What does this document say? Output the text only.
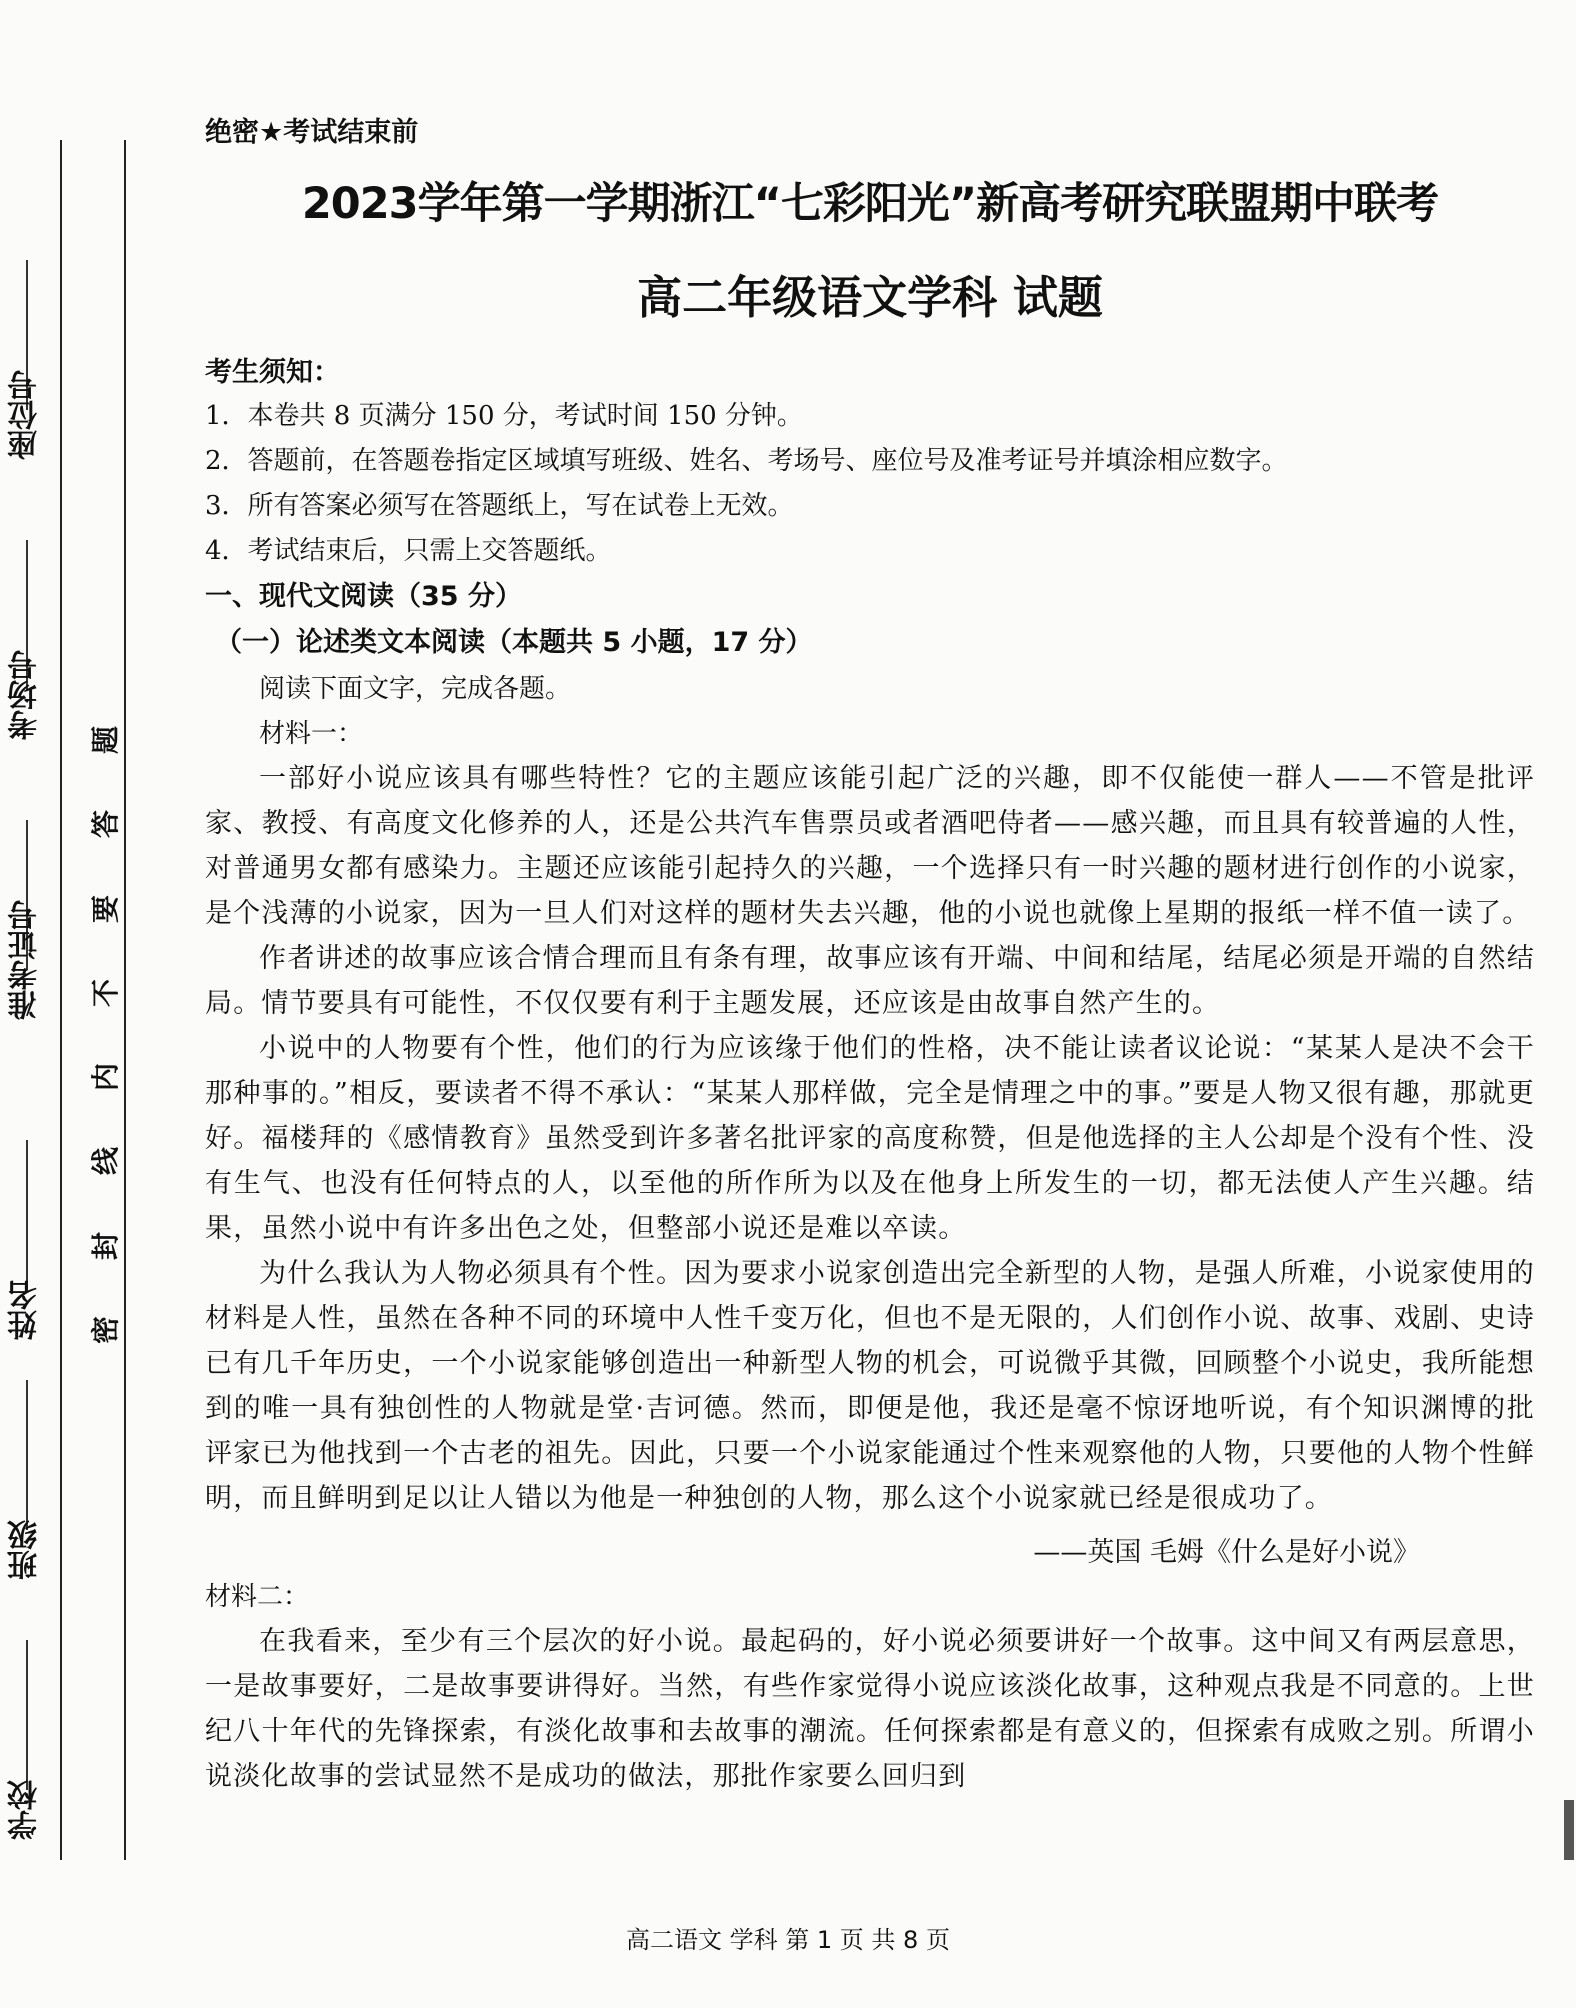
座位号
考场号
准考证号
姓名
班级
学校
题
答
要
不
内
线
封
密

绝密★考试结束前

2023学年第一学期浙江“七彩阳光”新高考研究联盟期中联考
高二年级语文学科 试题

考生须知：

1．本卷共 8 页满分 150 分，考试时间 150 分钟。
2．答题前，在答题卷指定区域填写班级、姓名、考场号、座位号及准考证号并填涂相应数字。
3．所有答案必须写在答题纸上，写在试卷上无效。
4．考试结束后，只需上交答题纸。

一、现代文阅读（35 分）

（一）论述类文本阅读（本题共 5 小题，17 分）

阅读下面文字，完成各题。

材料一：

一部好小说应该具有哪些特性？它的主题应该能引起广泛的兴趣，即不仅能使一群人——不管是批评家、教授、有高度文化修养的人，还是公共汽车售票员或者酒吧侍者——感兴趣，而且具有较普遍的人性，对普通男女都有感染力。主题还应该能引起持久的兴趣，一个选择只有一时兴趣的题材进行创作的小说家，是个浅薄的小说家，因为一旦人们对这样的题材失去兴趣，他的小说也就像上星期的报纸一样不值一读了。

作者讲述的故事应该合情合理而且有条有理，故事应该有开端、中间和结尾，结尾必须是开端的自然结局。情节要具有可能性，不仅仅要有利于主题发展，还应该是由故事自然产生的。

小说中的人物要有个性，他们的行为应该缘于他们的性格，决不能让读者议论说：“某某人是决不会干那种事的。”相反，要读者不得不承认：“某某人那样做，完全是情理之中的事。”要是人物又很有趣，那就更好。福楼拜的《感情教育》虽然受到许多著名批评家的高度称赞，但是他选择的主人公却是个没有个性、没有生气、也没有任何特点的人，以至他的所作所为以及在他身上所发生的一切，都无法使人产生兴趣。结果，虽然小说中有许多出色之处，但整部小说还是难以卒读。

为什么我认为人物必须具有个性。因为要求小说家创造出完全新型的人物，是强人所难，小说家使用的材料是人性，虽然在各种不同的环境中人性千变万化，但也不是无限的，人们创作小说、故事、戏剧、史诗已有几千年历史，一个小说家能够创造出一种新型人物的机会，可说微乎其微，回顾整个小说史，我所能想到的唯一具有独创性的人物就是堂·吉诃德。然而，即便是他，我还是毫不惊讶地听说，有个知识渊博的批评家已为他找到一个古老的祖先。因此，只要一个小说家能通过个性来观察他的人物，只要他的人物个性鲜明，而且鲜明到足以让人错以为他是一种独创的人物，那么这个小说家就已经是很成功了。

——英国 毛姆《什么是好小说》

材料二：

在我看来，至少有三个层次的好小说。最起码的，好小说必须要讲好一个故事。这中间又有两层意思，一是故事要好，二是故事要讲得好。当然，有些作家觉得小说应该淡化故事，这种观点我是不同意的。上世纪八十年代的先锋探索，有淡化故事和去故事的潮流。任何探索都是有意义的，但探索有成败之别。所谓小说淡化故事的尝试显然不是成功的做法，那批作家要么回归到

高二语文 学科 第 1 页 共 8 页
